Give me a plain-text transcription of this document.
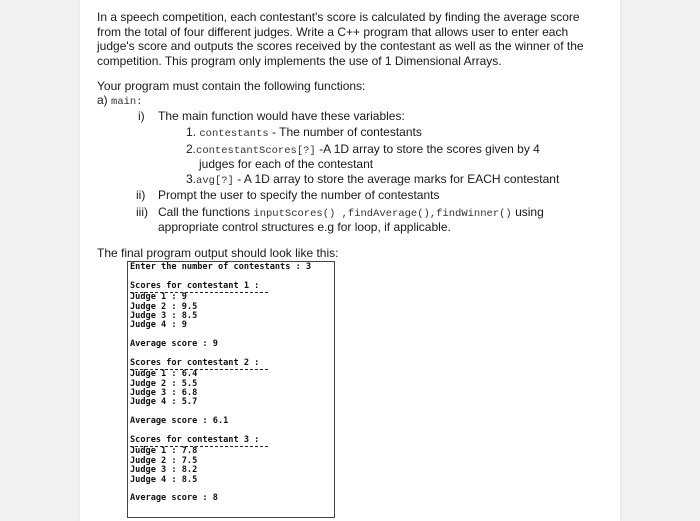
In a speech competition, each contestant's score is calculated by finding the average score from the total of four different judges. Write a C++ program that allows user to enter each judge's score and outputs the scores received by the contestant as well as the winner of the competition. This program only implements the use of 1 Dimensional Arrays.

Your program must contain the following functions:
a) main:
i) The main function would have these variables:
1. contestants - The number of contestants
2.contestantScores[?] -A 1D array to store the scores given by 4
judges for each of the contestant
3.avg[?] - A 1D array to store the average marks for EACH contestant
ii) Prompt the user to specify the number of contestants
iii) Call the functions inputScores() ,findAverage(),findWinner() using
appropriate control structures e.g for loop, if applicable.
The final program output should look like this:
Enter the number of contestants : 3
Scores for contestant 1 :
Judge 1 : 9
Judge 2 : 9.5
Judge 3 : 8.5
Judge 4 : 9
Average score : 9
Scores for contestant 2 :
Judge 1 : 6.4
Judge 2 : 5.5
Judge 3 : 6.8
Judge 4 : 5.7
Average score : 6.1
Scores for contestant 3 :
Judge 1 : 7.8
Judge 2 : 7.5
Judge 3 : 8.2
Judge 4 : 8.5
Average score : 8
